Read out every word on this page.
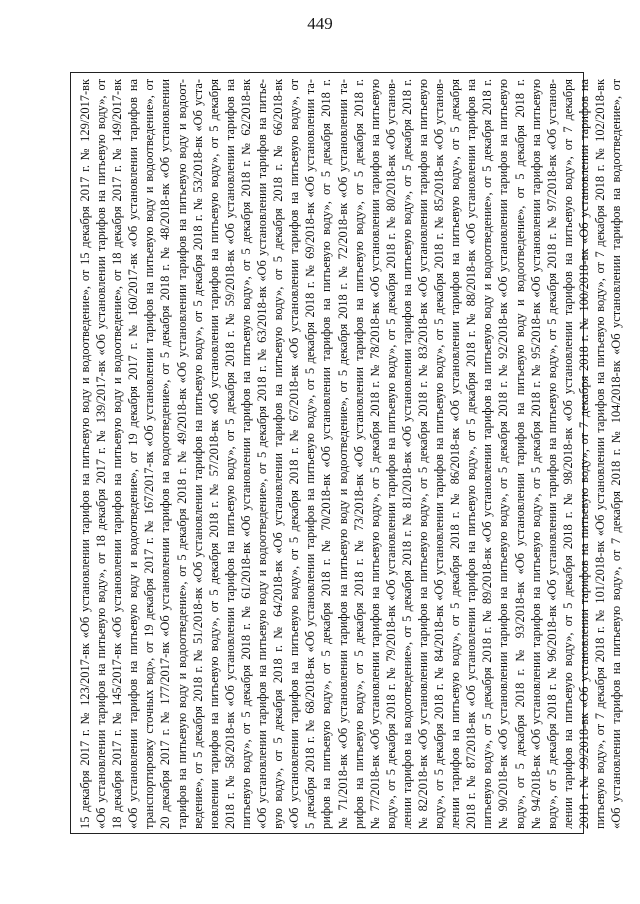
449
15 декабря 2017 г. № 123/2017-вк «Об установлении тарифов на питьевую воду и водоотведение», от 15 декабря 2017 г. № 129/2017-вк «Об установлении тарифов на питьевую воду», от 18 декабря 2017 г. № 139/2017-вк «Об установлении тарифов на питьевую воду», от 18 декабря 2017 г. № 145/2017-вк «Об установлении тарифов на питьевую воду и водоотведение», от 18 декабря 2017 г. № 149/2017-вк «Об установлении тарифов на питьевую воду и водоотведение», от 19 декабря 2017 г. № 160/2017-вк «Об установлении тарифов на транспортировку сточных вод», от 19 декабря 2017 г. № 167/2017-вк «Об установлении тарифов на питьевую воду и водоотведение», от 20 декабря 2017 г. № 177/2017-вк «Об установлении тарифов на водоотведение», от 5 декабря 2018 г. № 48/2018-вк «Об установлении тарифов на питьевую воду и водоотведение», от 5 декабря 2018 г. № 49/2018-вк «Об установлении тарифов на питьевую воду и водоот- ведение», от 5 декабря 2018 г. № 51/2018-вк «Об установлении тарифов на питьевую воду», от 5 декабря 2018 г. № 53/2018-вк «Об уста- новлении тарифов на питьевую воду», от 5 декабря 2018 г. № 57/2018-вк «Об установлении тарифов на питьевую воду», от 5 декабря 2018 г. № 58/2018-вк «Об установлении тарифов на питьевую воду», от 5 декабря 2018 г. № 59/2018-вк «Об установлении тарифов на питьевую воду», от 5 декабря 2018 г. № 61/2018-вк «Об установлении тарифов на питьевую воду», от 5 декабря 2018 г. № 62/2018-вк «Об установлении тарифов на питьевую воду и водоотведение», от 5 декабря 2018 г. № 63/2018-вк «Об установлении тарифов на питье- вую воду», от 5 декабря 2018 г. № 64/2018-вк «Об установлении тарифов на питьевую воду», от 5 декабря 2018 г. № 66/2018-вк «Об установлении тарифов на питьевую воду», от 5 декабря 2018 г. № 67/2018-вк «Об установлении тарифов на питьевую воду», от 5 декабря 2018 г. № 68/2018-вк «Об установлении тарифов на питьевую воду», от 5 декабря 2018 г. № 69/2018-вк «Об установлении та- рифов на питьевую воду», от 5 декабря 2018 г. № 70/2018-вк «Об установлении тарифов на питьевую воду», от 5 декабря 2018 г. № 71/2018-вк «Об установлении тарифов на питьевую воду и водоотведение», от 5 декабря 2018 г. № 72/2018-вк «Об установлении та- рифов на питьевую воду», от 5 декабря 2018 г. № 73/2018-вк «Об установлении тарифов на питьевую воду», от 5 декабря 2018 г. № 77/2018-вк «Об установлении тарифов на питьевую воду», от 5 декабря 2018 г. № 78/2018-вк «Об установлении тарифов на питьевую воду», от 5 декабря 2018 г. № 79/2018-вк «Об установлении тарифов на питьевую воду», от 5 декабря 2018 г. № 80/2018-вк «Об установ- лении тарифов на водоотведение», от 5 декабря 2018 г. № 81/2018-вк «Об установлении тарифов на питьевую воду», от 5 декабря 2018 г. № 82/2018-вк «Об установлении тарифов на питьевую воду», от 5 декабря 2018 г. № 83/2018-вк «Об установлении тарифов на питьевую воду», от 5 декабря 2018 г. № 84/2018-вк «Об установлении тарифов на питьевую воду», от 5 декабря 2018 г. № 85/2018-вк «Об установ- лении тарифов на питьевую воду», от 5 декабря 2018 г. № 86/2018-вк «Об установлении тарифов на питьевую воду», от 5 декабря 2018 г. № 87/2018-вк «Об установлении тарифов на питьевую воду», от 5 декабря 2018 г. № 88/2018-вк «Об установлении тарифов на питьевую воду», от 5 декабря 2018 г. № 89/2018-вк «Об установлении тарифов на питьевую воду и водоотведение», от 5 декабря 2018 г. № 90/2018-вк «Об установлении тарифов на питьевую воду», от 5 декабря 2018 г. № 92/2018-вк «Об установлении тарифов на питьевую воду», от 5 декабря 2018 г. № 93/2018-вк «Об установлении тарифов на питьевую воду и водоотведение», от 5 декабря 2018 г. № 94/2018-вк «Об установлении тарифов на питьевую воду», от 5 декабря 2018 г. № 95/2018-вк «Об установлении тарифов на питьевую воду», от 5 декабря 2018 г. № 96/2018-вк «Об установлении тарифов на питьевую воду», от 5 декабря 2018 г. № 97/2018-вк «Об установ- лении тарифов на питьевую воду», от 5 декабря 2018 г. № 98/2018-вк «Об установлении тарифов на питьевую воду», от 7 декабря 2018 г. № 99/2018-вк «Об установлении тарифов на питьевую воду», от 7 декабря 2018 г. № 100/2018-вк «Об установлении тарифов на питьевую воду», от 7 декабря 2018 г. № 101/2018-вк «Об установлении тарифов на питьевую воду», от 7 декабря 2018 г. № 102/2018-вк «Об установлении тарифов на питьевую воду», от 7 декабря 2018 г. № 104/2018-вк «Об установлении тарифов на водоотведение», от
